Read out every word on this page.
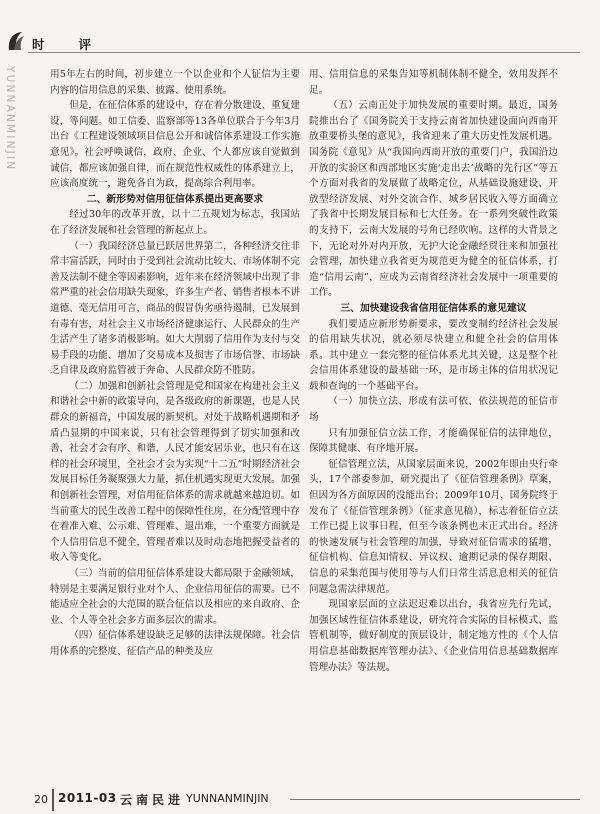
时评
YUNNANMINJIN	用5年左右的时间，初步建立一个以企业和个人征信为主要内容的信用信息的采集、披露、使用系统。

但是，在征信体系的建设中，存在着分散建设、重复建设，等问题。如工信委、监察部等13各单位联合于今年3月出台《工程建设领域项目信息公开和诚信体系建设工作实施意见》。社会呼唤诚信，政府、企业、个人都应该自觉做到诚信，都应该加强自律，而在规范性权威性的体系建立上，应该高度统一，避免各自为政，提高综合利用率。

二、新形势对信用征信体系提出更高要求

经过30年的改革开放，以十二五规划为标志，我国站在了经济发展和社会管理的新起点上。

（一）我国经济总量已跃居世界第二，各种经济交往非常丰富活跃，同时由于受到社会流动比较大、市场体制不完善及法制不健全等因素影响，近年来在经济领域中出现了非常严重的社会信用缺失现象，许多生产者、销售者根本不讲道德、毫无信用可言，商品的假冒伪劣亟待遏制，已发展到有毒有害，对社会主义市场经济健康运行、人民群众的生产生活产生了诸多消极影响。如大大削弱了信用作为支付与交易手段的功能、增加了交易成本及损害了市场信誉、市场缺乏自律及政府监管被于奔命、人民群众防不胜防。

（二）加强和创新社会管理是党和国家在构建社会主义和谐社会中新的政策导向，是各级政府的新课题，也是人民群众的新福音，中国发展的新契机。对处于战略机遇期和矛盾凸显期的中国来说，只有社会管理得到了切实加强和改善，社会才会有序、和谐，人民才能安居乐业，也只有在这样的社会环境里，全社会才会为实现“十二五”时期经济社会发展目标任务凝聚强大力量，抓住机遇实现更大发展。加强和创新社会管理，对信用征信体系的需求就越来越迫切。如当前重大的民生改善工程中的保障性住房，在分配管理中存在着准入难、公示难、管理难、退出难，一个重要方面就是个人信用信息不健全，管理者难以及时动态地把握受益者的收入等变化。

（三）当前的信用征信体系建设大都局限于金融领域，特别是主要满足银行业对个人、企业信用征信的需要。已不能适应全社会的大范围的联合征信以及相应的来自政府、企业、个人等全社会多方面多层次的需求。

（四）征信体系建设缺乏足够的法律法规保障。社会信用体系的完整度、征信产品的种类及应

用、信用信息的采集告知等机制体制不健全，效用发挥不足。

（五）云南正处于加快发展的重要时期。最近，国务院推出台了《国务院关于支持云南省加快建设面向西南开放重要桥头堡的意见》，我省迎来了重大历史性发展机遇。国务院《意见》从“我国向西南开放的重要门户，我国沿边开放的实验区和西部地区实施‘走出去’战略的先行区”等五个方面对我省的发展做了战略定位，从基础设施建设、开放型经济发展、对外交流合作、城乡居民收入等方面确立了我省中长期发展目标和七大任务。在一系列突破性政策的支持下，云南大发展的号角已经吹响。这样的大背景之下，无论对外对内开放，无护大论金融经贸往来和加强社会管理，加快建立我省更为规范更为健全的征信体系，打造“信用云南”，应成为云南省经济社会发展中一项重要的工作。

三、加快建设我省信用征信体系的意见建议

我们要适应新形势新要求，要改变制约经济社会发展的信用缺失状况，就必须尽快建立和健全社会的信用体系。其中建立一套完整的征信体系尤其关键，这是整个社会信用体系建设的最基础一环，是市场主体的信用状况记载和查询的一个基础平台。

（一）加快立法、形成有法可依、依法规范的征信市场

只有加强征信立法工作，才能确保征信的法律地位，保障其健康、有序地开展。

征信管理立法，从国家层面来说，2002年即由央行牵头，17个部委参加，研究提出了《征信管理条例》草案，但因为各方面原因的没能出台；2009年10月，国务院终于发布了《征信管理条例》（征求意见稿），标志着征信立法工作已提上议事日程，但至今该条例也未正式出台。经济的快速发展与社会管理的加强，导致对征信需求的猛增，征信机构、信息知情权、异议权、逾期记录的保存期限、信息的采集范围与使用等与人们日常生活息息相关的征信问题急需法律规范。

现国家层面的立法迟迟难以出台，我省应先行先试，加强区域性征信体系建设，研究符合实际的目标模式、监管机制等，做好制度的顶层设计，制定地方性的《个人信用信息基础数据库管理办法》、《企业信用信息基础数据库管理办法》等法规。

20 2011-03 云南民进 YUNNANMINJIN
